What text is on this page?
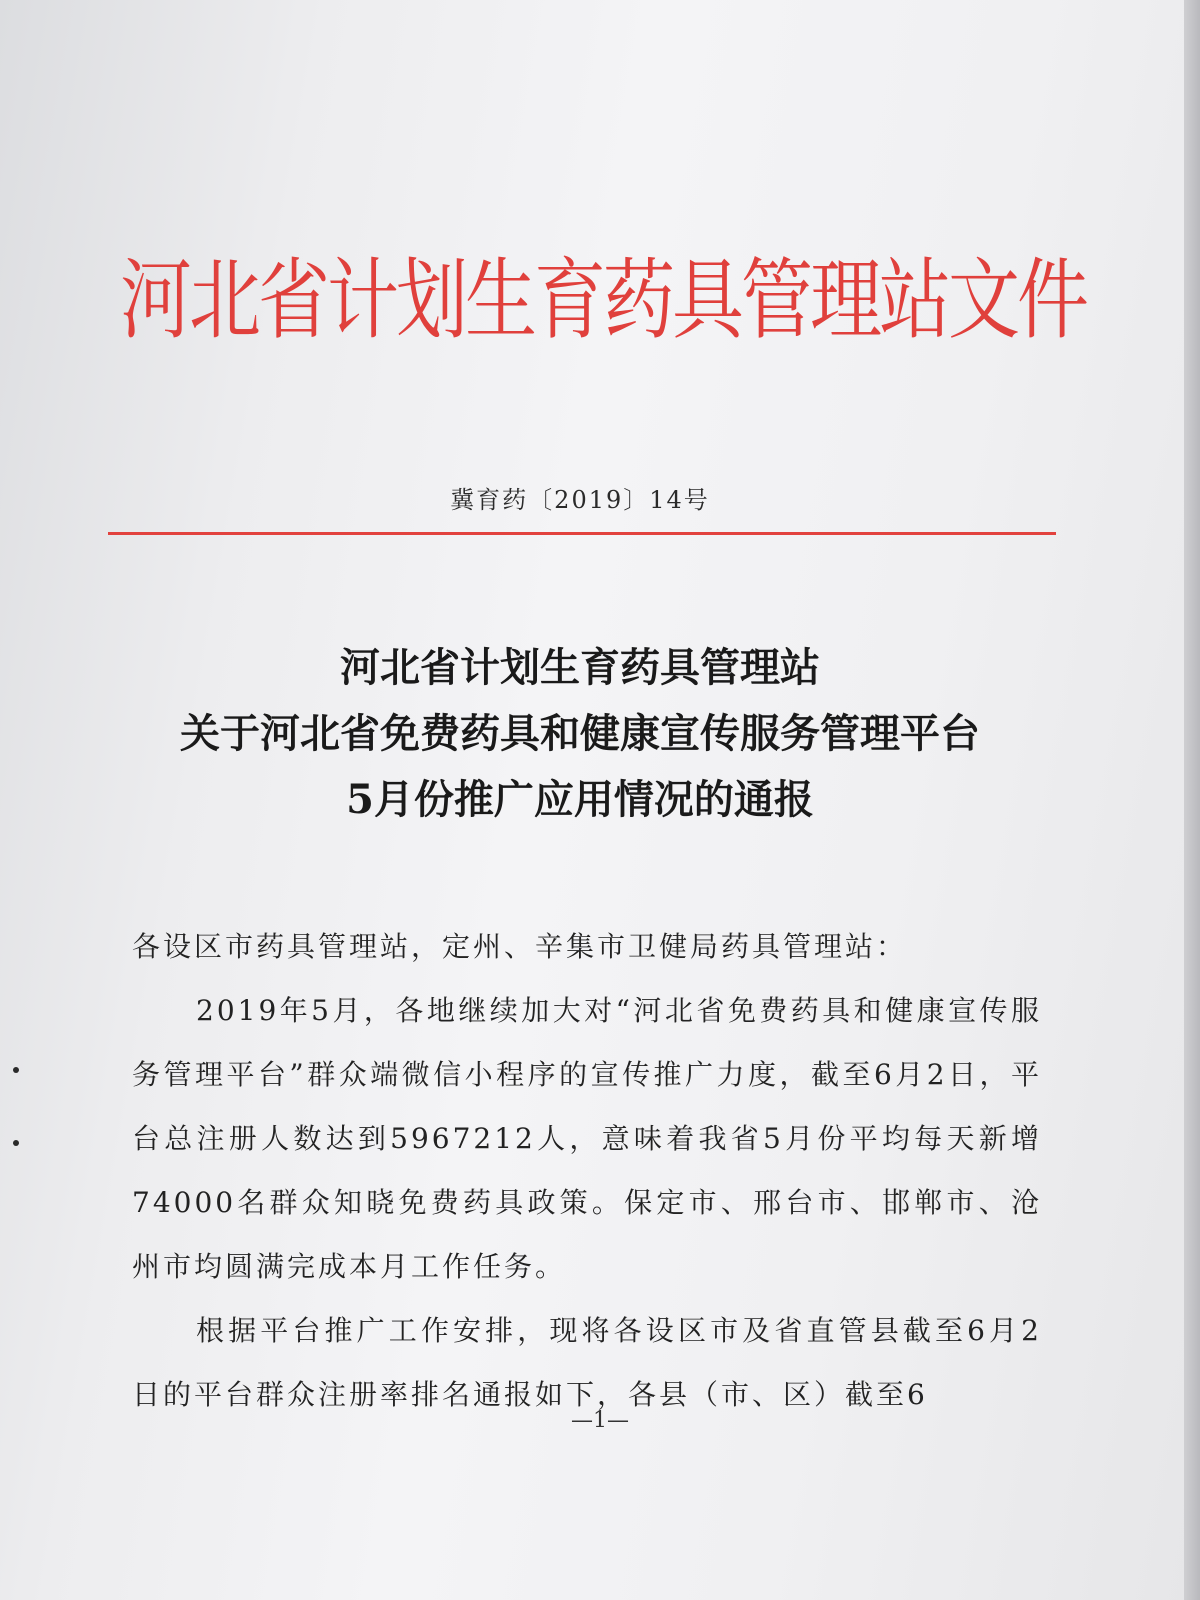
河北省计划生育药具管理站文件
冀育药〔2019〕14号
河北省计划生育药具管理站
关于河北省免费药具和健康宣传服务管理平台
5月份推广应用情况的通报

各设区市药具管理站，定州、辛集市卫健局药具管理站：

2019年5月，各地继续加大对“河北省免费药具和健康宣传服务管理平台”群众端微信小程序的宣传推广力度，截至6月2日，平台总注册人数达到5967212人，意味着我省5月份平均每天新增74000名群众知晓免费药具政策。保定市、邢台市、邯郸市、沧州市均圆满完成本月工作任务。

根据平台推广工作安排，现将各设区市及省直管县截至6月2日的平台群众注册率排名通报如下，各县（市、区）截至6

—1—
